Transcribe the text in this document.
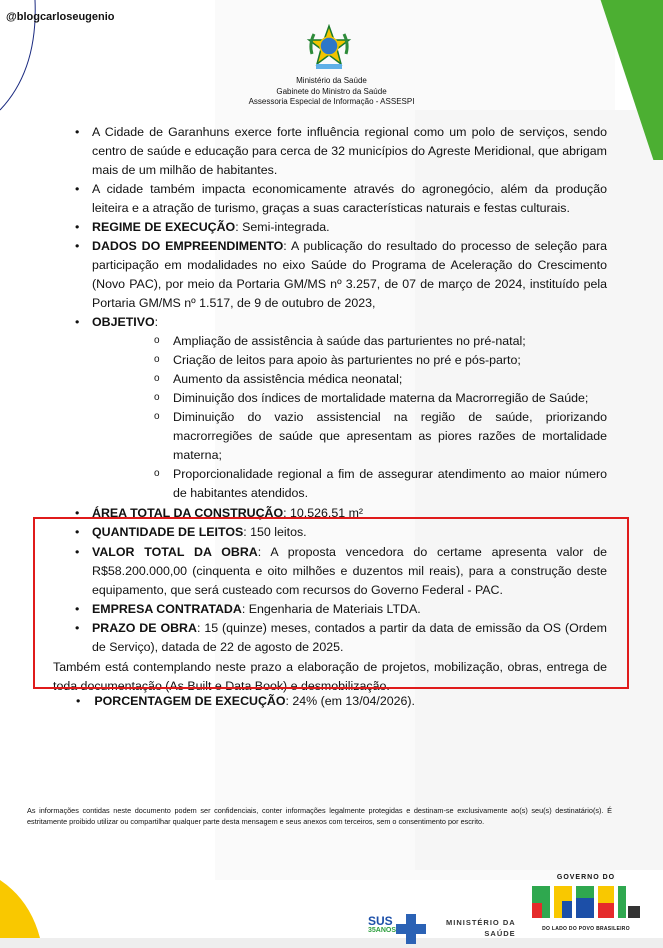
@blogcarloseugenio
Ministério da Saúde
Gabinete do Ministro da Saúde
Assessoria Especial de Informação - ASSESPI
• A Cidade de Garanhuns exerce forte influência regional como um polo de serviços, sendo centro de saúde e educação para cerca de 32 municípios do Agreste Meridional, que abrigam mais de um milhão de habitantes.
• A cidade também impacta economicamente através do agronegócio, além da produção leiteira e a atração de turismo, graças a suas características naturais e festas culturais.
• REGIME DE EXECUÇÃO: Semi-integrada.
• DADOS DO EMPREENDIMENTO: A publicação do resultado do processo de seleção para participação em modalidades no eixo Saúde do Programa de Aceleração do Crescimento (Novo PAC), por meio da Portaria GM/MS nº 3.257, de 07 de março de 2024, instituído pela Portaria GM/MS nº 1.517, de 9 de outubro de 2023,
• OBJETIVO:
o Ampliação de assistência à saúde das parturientes no pré-natal;
o Criação de leitos para apoio às parturientes no pré e pós-parto;
o Aumento da assistência médica neonatal;
o Diminuição dos índices de mortalidade materna da Macrorregião de Saúde;
o Diminuição do vazio assistencial na região de saúde, priorizando macrorregiões de saúde que apresentam as piores razões de mortalidade materna;
o Proporcionalidade regional a fim de assegurar atendimento ao maior número de habitantes atendidos.
• ÁREA TOTAL DA CONSTRUÇÃO: 10.526,51 m²
• QUANTIDADE DE LEITOS: 150 leitos.
• VALOR TOTAL DA OBRA: A proposta vencedora do certame apresenta valor de R$58.200.000,00 (cinquenta e oito milhões e duzentos mil reais), para a construção deste equipamento, que será custeado com recursos do Governo Federal - PAC.
• EMPRESA CONTRATADA: Engenharia de Materiais LTDA.
• PRAZO DE OBRA: 15 (quinze) meses, contados a partir da data de emissão da OS (Ordem de Serviço), datada de 22 de agosto de 2025.
Também está contemplando neste prazo a elaboração de projetos, mobilização, obras, entrega de toda documentação (As Built e Data Book) e desmobilização.
• PORCENTAGEM DE EXECUÇÃO: 24% (em 13/04/2026).
As informações contidas neste documento podem ser confidenciais, conter informações legalmente protegidas e destinam-se exclusivamente ao(s) seu(s) destinatário(s). É estritamente proibido utilizar ou compartilhar qualquer parte desta mensagem e seus anexos com terceiros, sem o consentimento por escrito.
SUS
35ANOS
MINISTÉRIO DA
SAÚDE
GOVERNO DO
DO LADO DO POVO BRASILEIRO
